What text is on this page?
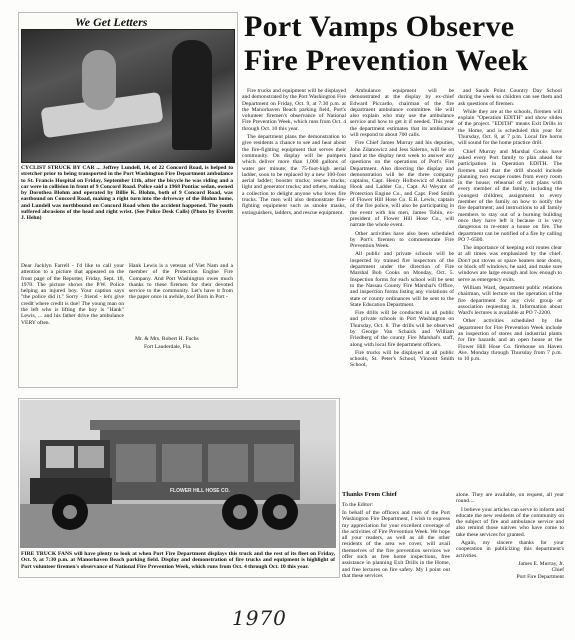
We Get Letters
CYCLIST STRUCK BY CAR ... Jeffrey Lundell, 14, of 22 Concord Road, is helped to stretcher prior to being transported in the Port Washington Fire Department ambulance to St. Francis Hospital on Friday, September 11th, after the bicycle he was riding and a car were in collision in front of 9 Concord Road. Police said a 1968 Pontiac sedan, owned by Dorothea Blohm and operated by Billie K. Blohm, both of 9 Concord Road, was eastbound on Concord Road, making a right turn into the driveway of the Blohm home, and Lundell was northbound on Concord Road when the accident happened. The youth suffered abrasions of the head and right wrist. (See Police Desk Calls) (Photo by Everitt J. Hehn)
Dear Jacklyn Farrell - I'd like to call your attention to a picture that appeared on the front page of the Reporter, Friday, Sept. 18, 1970. The picture shows the P.W. Police helping an injured boy. Your caption says "the police did it." Sorry - friend - let's give credit where credit is due! The young man on the left who is lifting the boy is "Hank" Lewis, ... and his father drive the ambulance VERY often.
Hank Lewis is a veteran of Viet Nam and a member of the Protection Engine Fire Company. And Port Washington owes much thanks to these firemen for their devoted service to the community. Let's have it from the paper once in awhile, too! Born in Port -
Mr. & Mrs. Robert H. Fuchs
Fort Lauderdale, Fla.
Port Vamps Observe Fire Prevention Week

Fire trucks and equipment will be displayed and demonstrated by the Port Washington Fire Department on Friday, Oct. 9, at 7:30 p.m. at the Manorhaven Beach parking field, Port's volunteer firemen's observance of National Fire Prevention Week, which runs from Oct. 4 through Oct. 10 this year.

The department plans the demonstration to give residents a chance to see and hear about the fire-fighting equipment that serves their community. On display will be pumpers which deliver more than 1,000 gallons of water per minute; the 75-foot-high aerial ladder, soon to be replaced by a new 100-foot aerial ladder; booster trucks; rescue trucks; light and generator trucks; and others, making a collection to delight anyone who loves fire trucks. The men will also demonstrate fire-fighting equipment such as smoke masks, extinguishers, ladders, and rescue equipment.

Ambulance equipment will be demonstrated at the display by ex-chief Edward Piccardo, chairman of the fire department ambulance committee. He will also explain who may use the ambulance service and how to get it if needed. This year the department estimates that its ambulance will respond to about 700 calls.

Fire Chief James Murray and his deputies, John Zdanowicz and Jess Salerno, will be on hand at the display next week to answer any questions on the operations of Port's Fire Department. Also directing the display and demonstration will be the three company captains, Capt. Henry Holbowicz of Atlantic Hook and Ladder Co., Capt. Al Weyant of Protection Engine Co., and Capt. Fred Smith of Flower Hill Hose Co. E.B. Lewis, captain of the fire police, will also be participating in the event with his men, James Tobin, ex-president of Flower Hill Hose Co., will narrate the whole event.

Other activities have also been scheduled by Port's firemen to commemorate Fire Prevention Week.

All public and private schools will be inspected by trained fire inspectors of the department under the direction of Fire Marshal Bob Cooks on Monday, Oct. 5. Inspection forms for each school will be sent to the Nassau County Fire Marshal's Office, and inspection forms listing any violations of state or county ordinances will be sent to the State Education Department.

Fire drills will be conducted in all public and private schools in Port Washington on Thursday, Oct. 8. The drills will be observed by George Van Schaick and William Friedberg of the county Fire Marshal's staff, along with local fire department officers.

Fire trucks will be displayed at all public schools, St. Peter's School, Vincent Smith School,

and Sands Point Country Day School during the week so children can see them and ask questions of firemen.

While they are at the schools, firemen will explain "Operation EDITH" and show slides of the project. "EDITH" means Exit Drills in the Home, and is scheduled this year for Thursday, Oct. 8, at 7 p.m. Local fire horns will sound for the home practice drill.

Chief Murray and Marshal Cooks have asked every Port family to plan ahead for participation in Operation EDITH. The firemen said that the drill should include planning two escape routes from every room in the house; rehearsal of exit plans with every member of the family, including the youngest children; assignment to every member of the family on how to notify the fire department; and instructions to all family members to stay out of a burning building once they have left it because it is very dangerous to re-enter a house on fire. The department can be notified of a fire by calling PO 7-6500.

The importance of keeping exit routes clear at all times was emphasized by the chief. Don't put stoves or space heaters near doors, or block off windows, he said, and make sure windows are large enough and low enough to serve as emergency exits.

William Ward, department public relations chairman, will lecture on the operation of the fire department for any civic group or association requesting it. Information about Ward's lectures is available at PO 7-2200.

Other activities scheduled by the department for Fire Prevention Week include an inspection of stores and industrial plants for fire hazards and an open house at the Flower Hill Hose Co. firehouse on Haven Ave. Monday through Thursday from 7 p.m. to 10 p.m.

FLOWER HILL HOSE CO.
FIRE TRUCK FANS will have plenty to look at when Port Fire Department displays this truck and the rest of its fleet on Friday, Oct. 9, at 7:30 p.m. at Manorhaven Beach parking field. Display and demonstration of fire trucks and equipment is highlight of Port volunteer firemen's observance of National Fire Prevention Week, which runs from Oct. 4 through Oct. 10 this year.
Thanks From Chief
To the Editor:
In behalf of the officers and men of the Port Washington Fire Department, I wish to express my appreciation for your excellent coverage of the activities of Fire Prevention Week. We hope all your readers, as well as all the other residents of the area we cover, will avail themselves of the fire prevention services we offer such as free home inspections, free assistance in planning Exit Drills in the Home, and free lectures on fire safety. My I point out that these services

alone. They are available, on request, all year round....

I believe your articles can serve to inform and educate the new residents of the community on the subject of fire and ambulance service and also remind those natives who have come to take these services for granted.

Again, my sincere thanks for your cooperation in publicizing this department's activities.

James E. Murray, Jr.
Chief
Port Fire Department
1970
